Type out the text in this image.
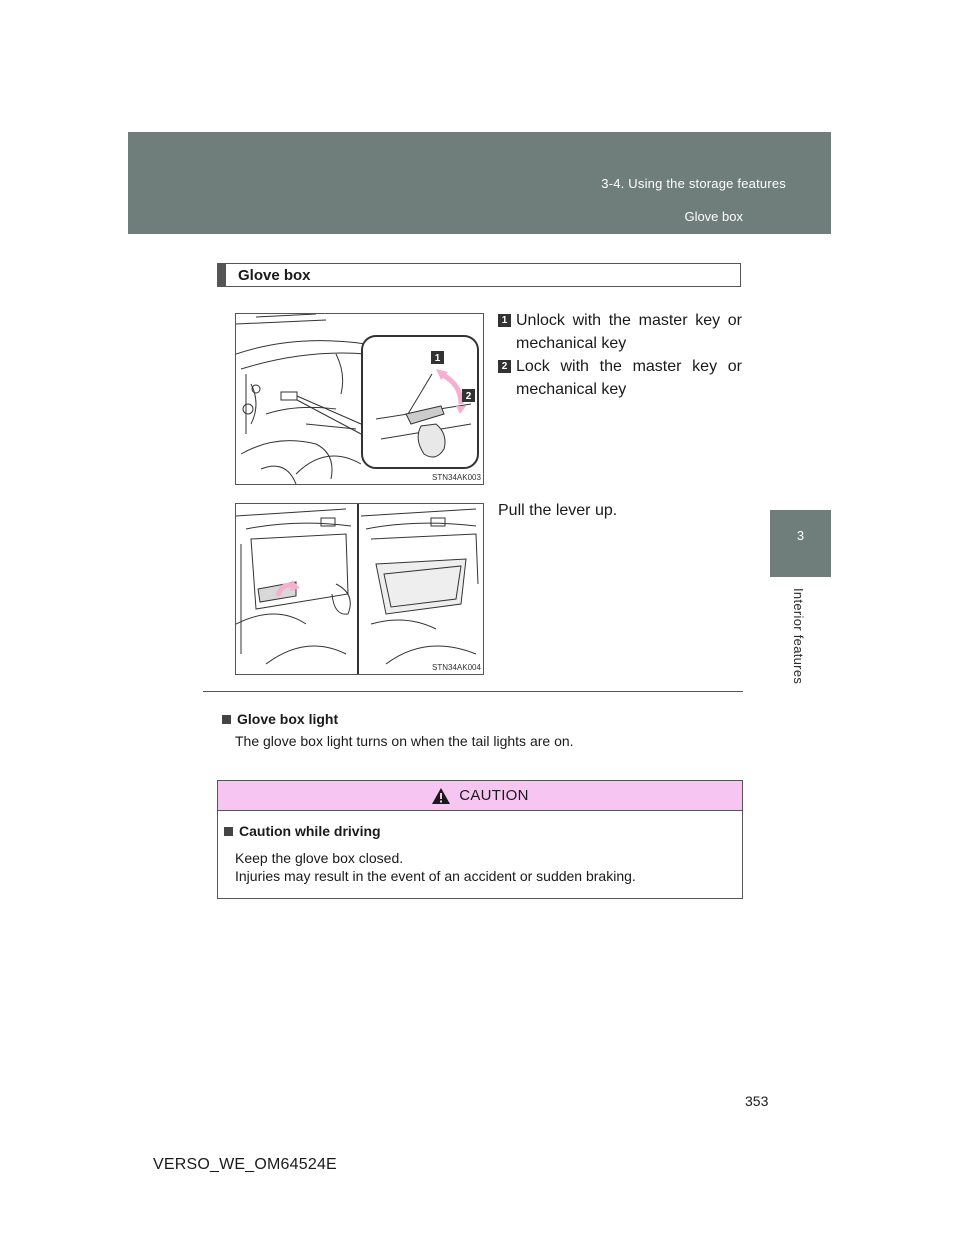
3-4. Using the storage features
Glove box
3
Interior features
Glove box
1
2
STN34AK003
1 Unlock with the master key or mechanical key
2 Lock with the master key or mechanical key
STN34AK004
Pull the lever up.
Glove box light
The glove box light turns on when the tail lights are on.
CAUTION
Caution while driving
Keep the glove box closed.
Injuries may result in the event of an accident or sudden braking.
353
VERSO_WE_OM64524E
